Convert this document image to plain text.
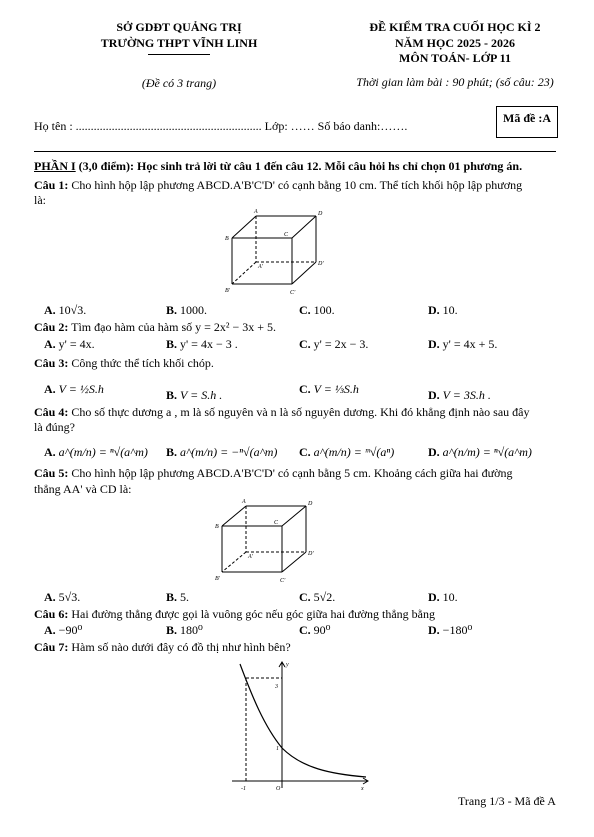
SỞ GDĐT QUẢNG TRỊ
TRƯỜNG THPT VĨNH LINH
(Đề có 3 trang)
ĐỀ KIỂM TRA CUỐI HỌC KÌ 2
NĂM HỌC 2025 - 2026
MÔN TOÁN- LỚP 11
Thời gian làm bài : 90 phút; (số câu: 23)
Họ tên : .............................................................. Lớp: …… Số báo danh:…….
Mã đề :A
PHẦN I (3,0 điểm): Học sinh trả lời từ câu 1 đến câu 12. Mỗi câu hỏi hs chỉ chọn 01 phương án.
Câu 1: Cho hình hộp lập phương ABCD.A'B'C'D' có cạnh bằng 10 cm. Thể tích khối hộp lập phương
là:
A	D
B
C
A'	D'
B'	C'
A. 10√3.	B. 1000.	C. 100.	D. 10.
Câu 2: Tìm đạo hàm của hàm số y = 2x² − 3x + 5.
A. y' = 4x.	B. y' = 4x − 3 .	C. y' = 2x − 3.	D. y' = 4x + 5.
Câu 3: Công thức thể tích khối chóp.
A. V = ½S.h	B. V = S.h .	C. V = ⅓S.h	D. V = 3S.h .
Câu 4: Cho số thực dương a , m là số nguyên và n là số nguyên dương. Khi đó khẳng định nào sau đây
là đúng?
A. a^(m/n) = ⁿ√(a^m) B. a^(m/n) = −ⁿ√(a^m) C. a^(m/n) = ᵐ√(aⁿ)	D. a^(n/m) = ⁿ√(a^m)
Câu 5: Cho hình hộp lập phương ABCD.A'B'C'D' có cạnh bằng 5 cm. Khoảng cách giữa hai đường
thẳng AA' và CD là:
A	D
B
C
A'	D'
B'	C'
A. 5√3.	B. 5.	C. 5√2.	D. 10.
Câu 6: Hai đường thẳng được gọi là vuông góc nếu góc giữa hai đường thẳng bằng
A. −90⁰	B. 180⁰	C. 90⁰	D. −180⁰
Câu 7: Hàm số nào dưới đây có đồ thị như hình bên?
y
x
3
1
-1	O
Trang 1/3 - Mã đề A
